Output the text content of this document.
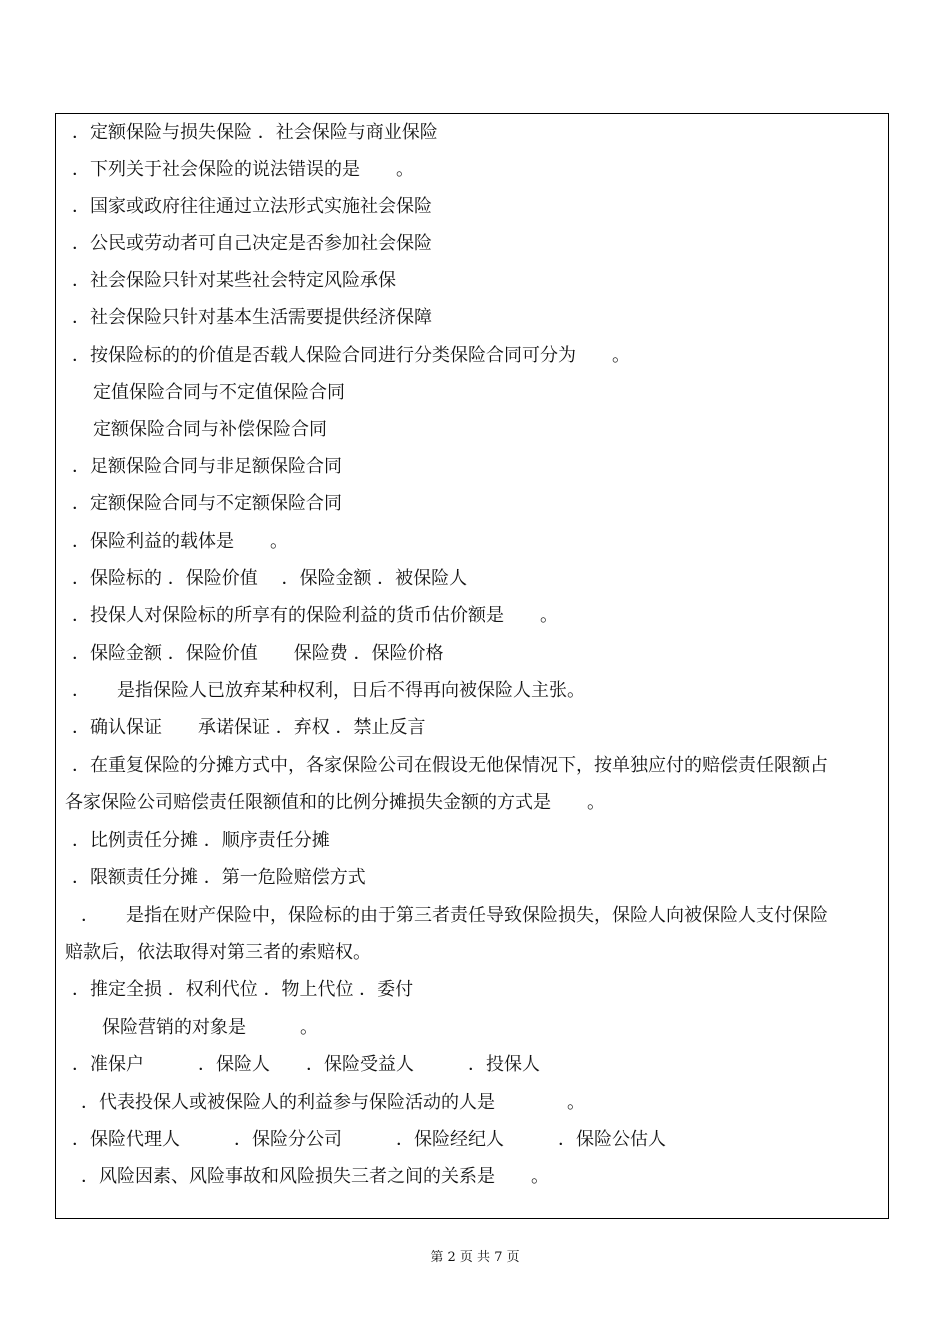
．定额保险与损失保险 ．社会保险与商业保险
．下列关于社会保险的说法错误的是　　。
．国家或政府往往通过立法形式实施社会保险
．公民或劳动者可自己决定是否参加社会保险
．社会保险只针对某些社会特定风险承保
．社会保险只针对基本生活需要提供经济保障
．按保险标的的价值是否载人保险合同进行分类保险合同可分为　　。
定值保险合同与不定值保险合同
定额保险合同与补偿保险合同
．足额保险合同与非足额保险合同
．定额保险合同与不定额保险合同
．保险利益的载体是　　。
．保险标的 ．保险价值　 ．保险金额 ．被保险人
．投保人对保险标的所享有的保险利益的货币估价额是　　。
．保险金额 ．保险价值　　保险费 ．保险价格
．　　是指保险人已放弃某种权利，日后不得再向被保险人主张。
．确认保证　　承诺保证 ．弃权 ．禁止反言
．在重复保险的分摊方式中，各家保险公司在假设无他保情况下，按单独应付的赔偿责任限额占
各家保险公司赔偿责任限额值和的比例分摊损失金额的方式是　　。
．比例责任分摊 ．顺序责任分摊
．限额责任分摊 ．第一危险赔偿方式
．　　是指在财产保险中，保险标的由于第三者责任导致保险损失，保险人向被保险人支付保险
赔款后，依法取得对第三者的索赔权。
．推定全损 ．权利代位 ．物上代位 ．委付
保险营销的对象是　　　。
．准保户　　　．保险人　　．保险受益人　　　．投保人
．代表投保人或被保险人的利益参与保险活动的人是　　　　。
．保险代理人　　　．保险分公司　　　．保险经纪人　　　．保险公估人
．风险因素、风险事故和风险损失三者之间的关系是　　。
第 2 页 共 7 页
